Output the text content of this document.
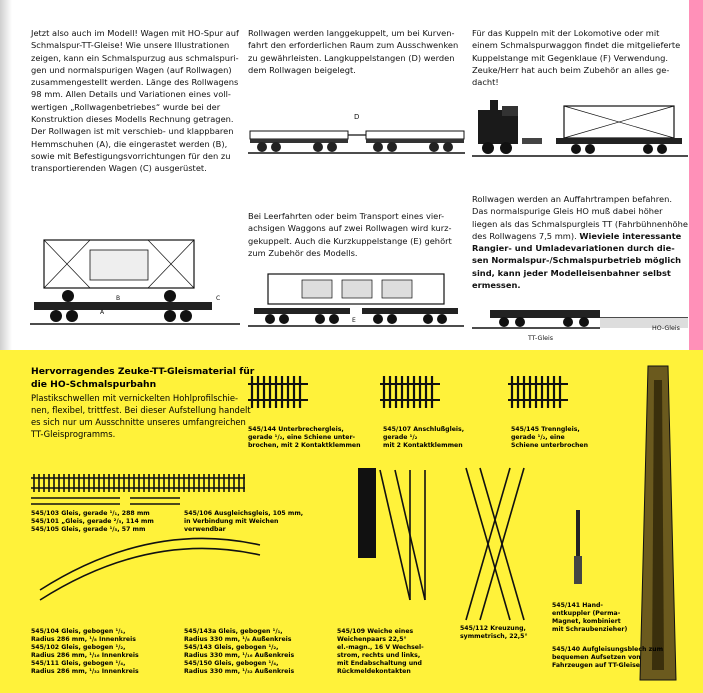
Jetzt also auch im Modell! Wagen mit HO-Spur auf

Schmalspur-TT-Gleise! Wie unsere Illustrationen

zeigen, kann ein Schmalspurzug aus schmalspuri-

gen und normalspurigen Wagen (auf Rollwagen)

zusammengestellt werden. Länge des Rollwagens

98 mm. Allen Details und Variationen eines voll-

wertigen „Rollwagenbetriebes“ wurde bei der

Konstruktion dieses Modells Rechnung getragen.

Der Rollwagen ist mit verschieb- und klappbaren

Hemmschuhen (A), die eingerastet werden (B),

sowie mit Befestigungsvorrichtungen für den zu

transportierenden Wagen (C) ausgerüstet.

Rollwagen werden langgekuppelt, um bei Kurven-

fahrt den erforderlichen Raum zum Ausschwenken

zu gewährleisten. Langkuppelstangen (D) werden

dem Rollwagen beigelegt.

Für das Kuppeln mit der Lokomotive oder mit

einem Schmalspurwaggon findet die mitgelieferte

Kuppelstange mit Gegenklaue (F) Verwendung.

Zeuke/Herr hat auch beim Zubehör an alles ge-

dacht!

D

Bei Leerfahrten oder beim Transport eines vier-

achsigen Waggons auf zwei Rollwagen wird kurz-

gekuppelt. Auch die Kurzkuppelstange (E) gehört

zum Zubehör des Modells.

Rollwagen werden an Auffahrtrampen befahren.

Das normalspurige Gleis HO muß dabei höher

liegen als das Schmalspurgleis TT (Fahrbühnenhöhe

des Rollwagens 7,5 mm). Wieviele interessante

Rangier- und Umladevariationen durch die-

sen Normalspur-/Schmalspurbetrieb möglich

sind, kann jeder Modelleisenbahner selbst

ermessen.

A
B	C
E
HO-Gleis
TT-Gleis
Hervorragendes Zeuke-TT-Gleismaterial für
die HO-Schmalspurbahn
Plastikschwellen mit vernickelten Hohlprofilschie-
nen, flexibel, trittfest. Bei dieser Aufstellung handelt
es sich nur um Ausschnitte unseres umfangreichen
TT-Gleisprogramms.	545/144 Unterbrechergleis,
gerade ¹/₂, eine Schiene unter-
brochen, mit 2 Kontaktklemmen
545/107 Anschlußgleis,
gerade ¹/₂
mit 2 Kontaktklemmen
545/145 Trenngleis,
gerade ¹/₂, eine
Schiene unterbrochen
545/103 Gleis, gerade ¹/₁, 288 mm
545/101 „Gleis, gerade ²/₅, 114 mm
545/105 Gleis, gerade ¹/₅, 57 mm
545/106 Ausgleichsgleis, 105 mm,
in Verbindung mit Weichen
verwendbar
545/104 Gleis, gebogen ¹/₁,
Radius 286 mm, ¹/₈ Innenkreis
545/102 Gleis, gebogen ¹/₂,
Radius 286 mm, ¹/₁₆ Innenkreis
545/111 Gleis, gebogen ¹/₄,
Radius 286 mm, ¹/₃₂ Innenkreis
545/143a Gleis, gebogen ¹/₁,
Radius 330 mm, ¹/₈ Außenkreis
545/143 Gleis, gebogen ¹/₂,
Radius 330 mm, ¹/₁₆ Außenkreis
545/150 Gleis, gebogen ¹/₄,
Radius 330 mm, ¹/₃₂ Außenkreis
545/109 Weiche eines
Weichenpaars 22,5°
el.-magn., 16 V Wechsel-
strom, rechts und links,
mit Endabschaltung und
Rückmeldekontakten
545/112 Kreuzung,
symmetrisch, 22,5°
545/141 Hand-
entkuppler (Perma-
Magnet, kombiniert
mit Schraubenzieher)
545/140 Aufgleisungsblech zum
bequemen Aufsetzen von
Fahrzeugen auf TT-Gleise
